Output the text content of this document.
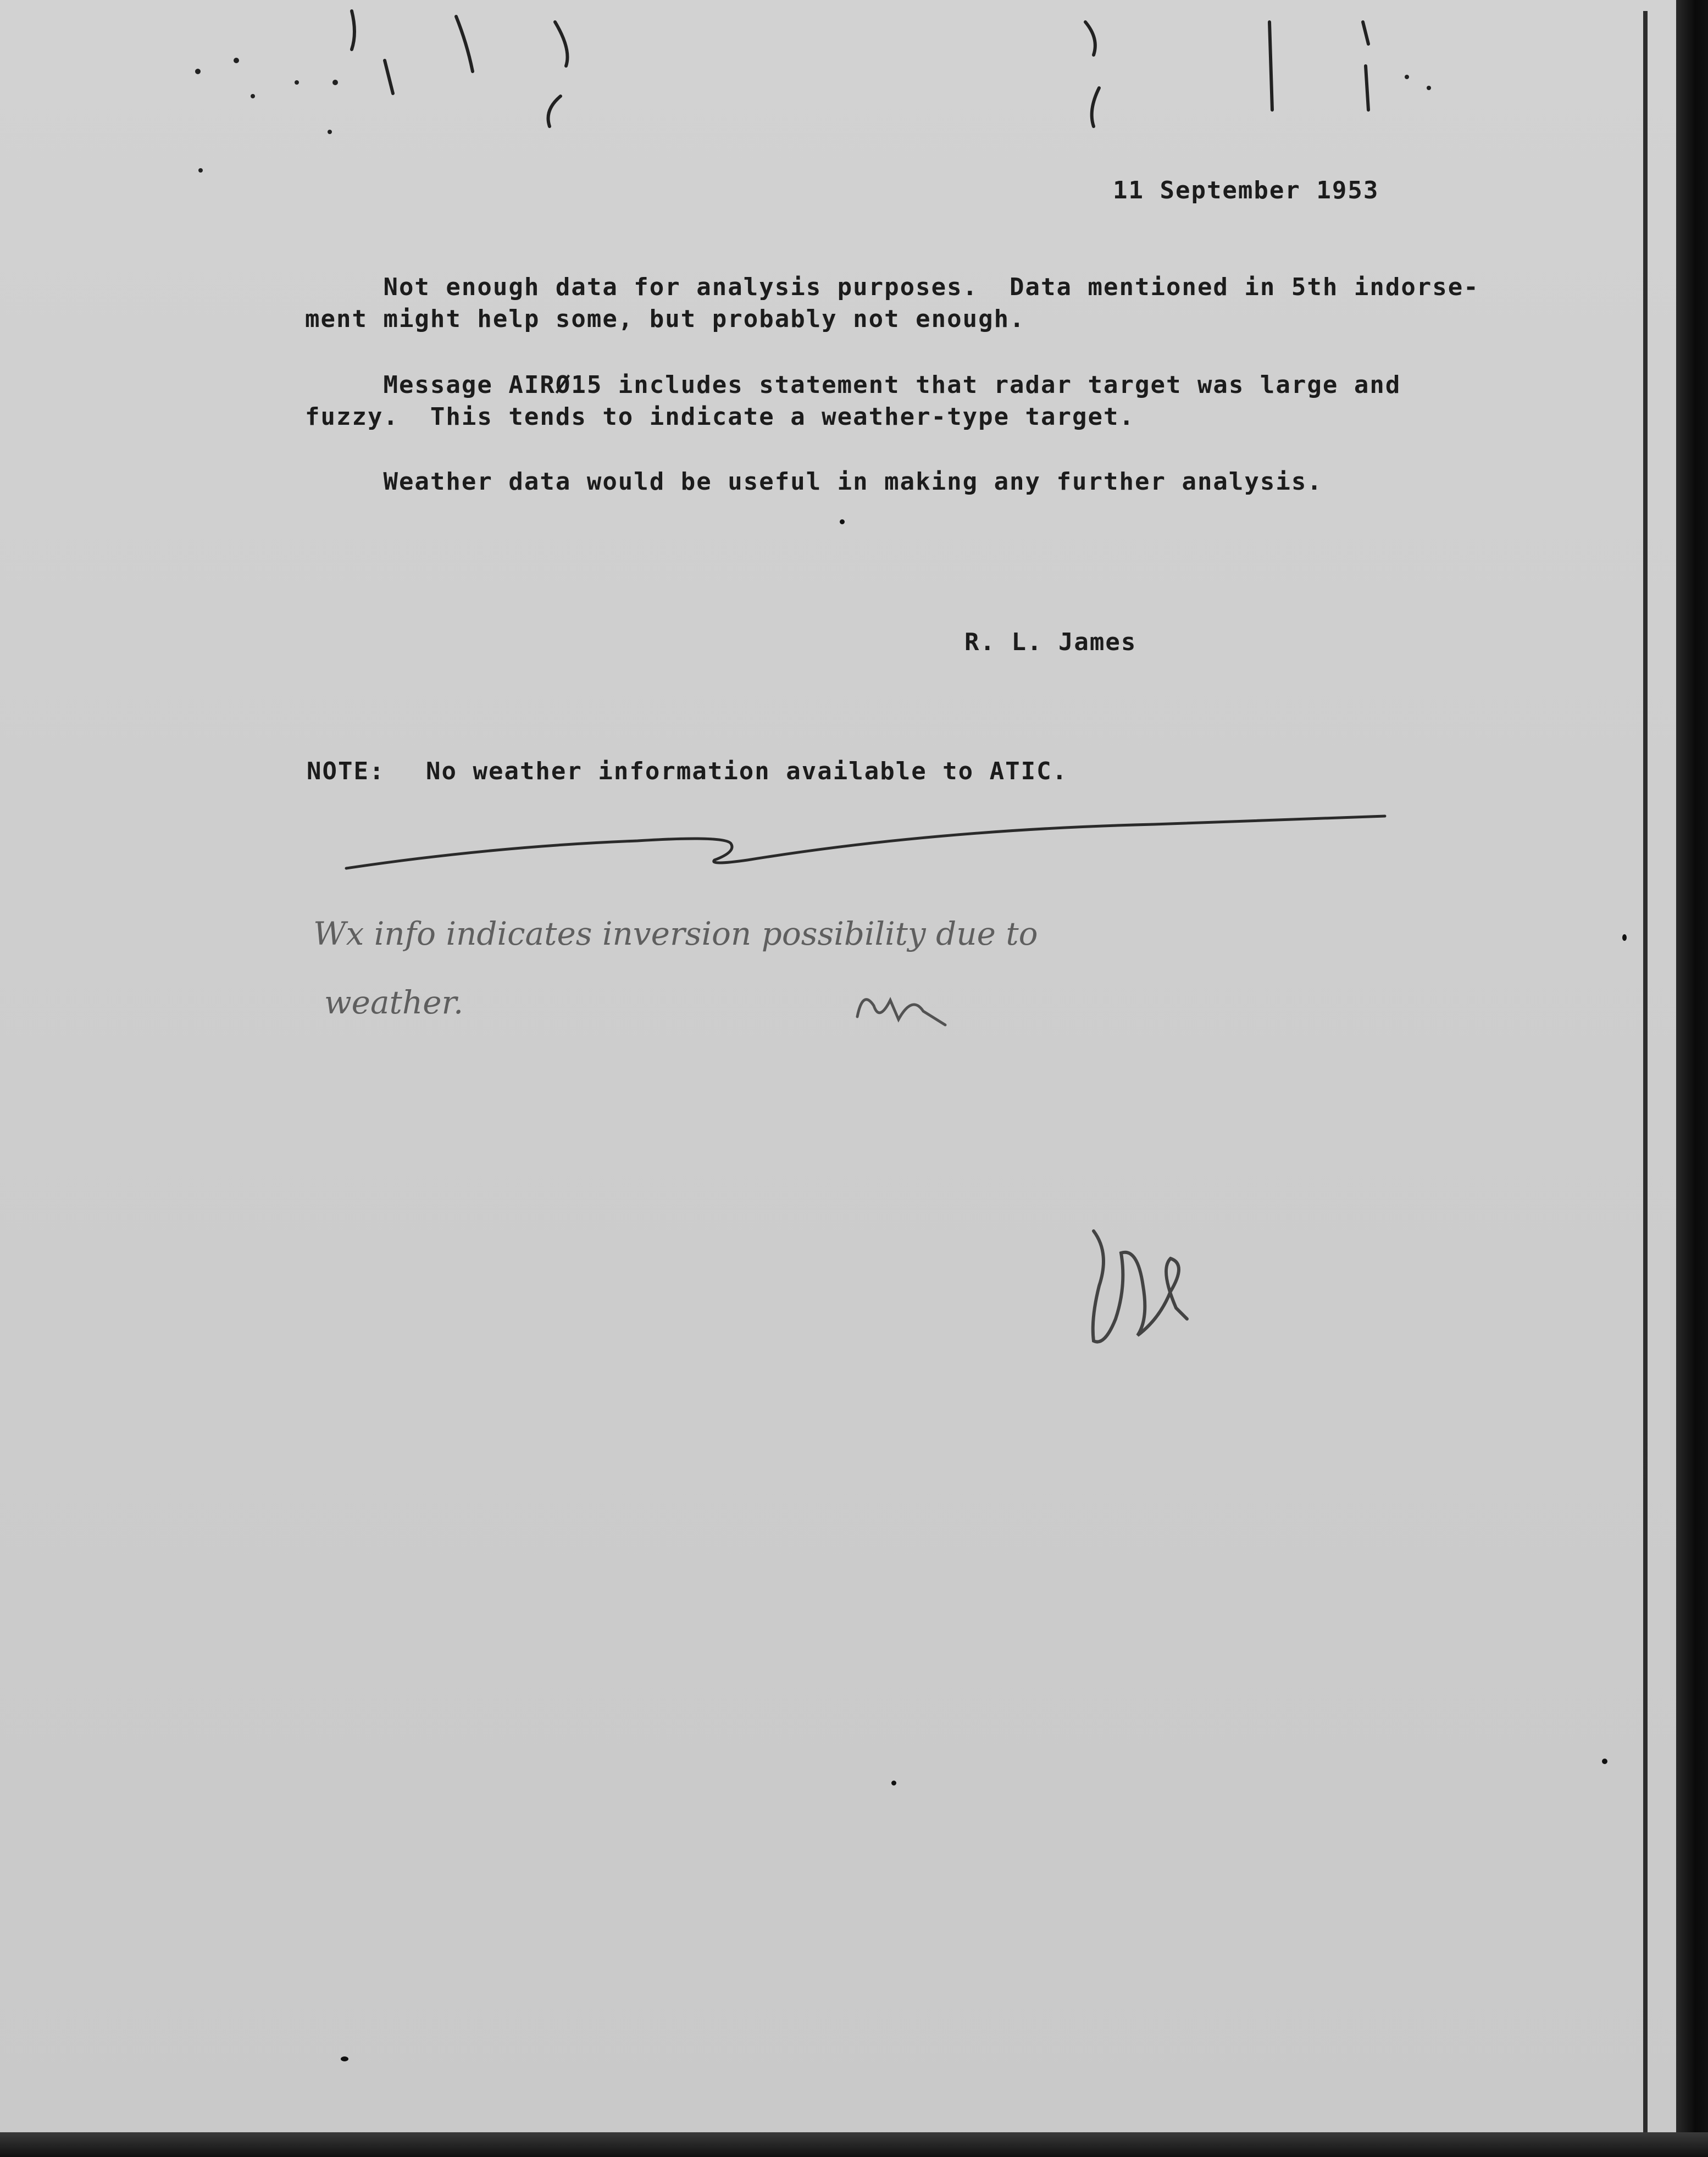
11 September 1953
Not enough data for analysis purposes.  Data mentioned in 5th indorse-
ment might help some, but probably not enough.
Message AIRØ15 includes statement that radar target was large and
fuzzy.  This tends to indicate a weather-type target.
Weather data would be useful in making any further analysis.
R. L. James
NOTE: No weather information available to ATIC.
Wx info indicates inversion possibility due to
weather.
